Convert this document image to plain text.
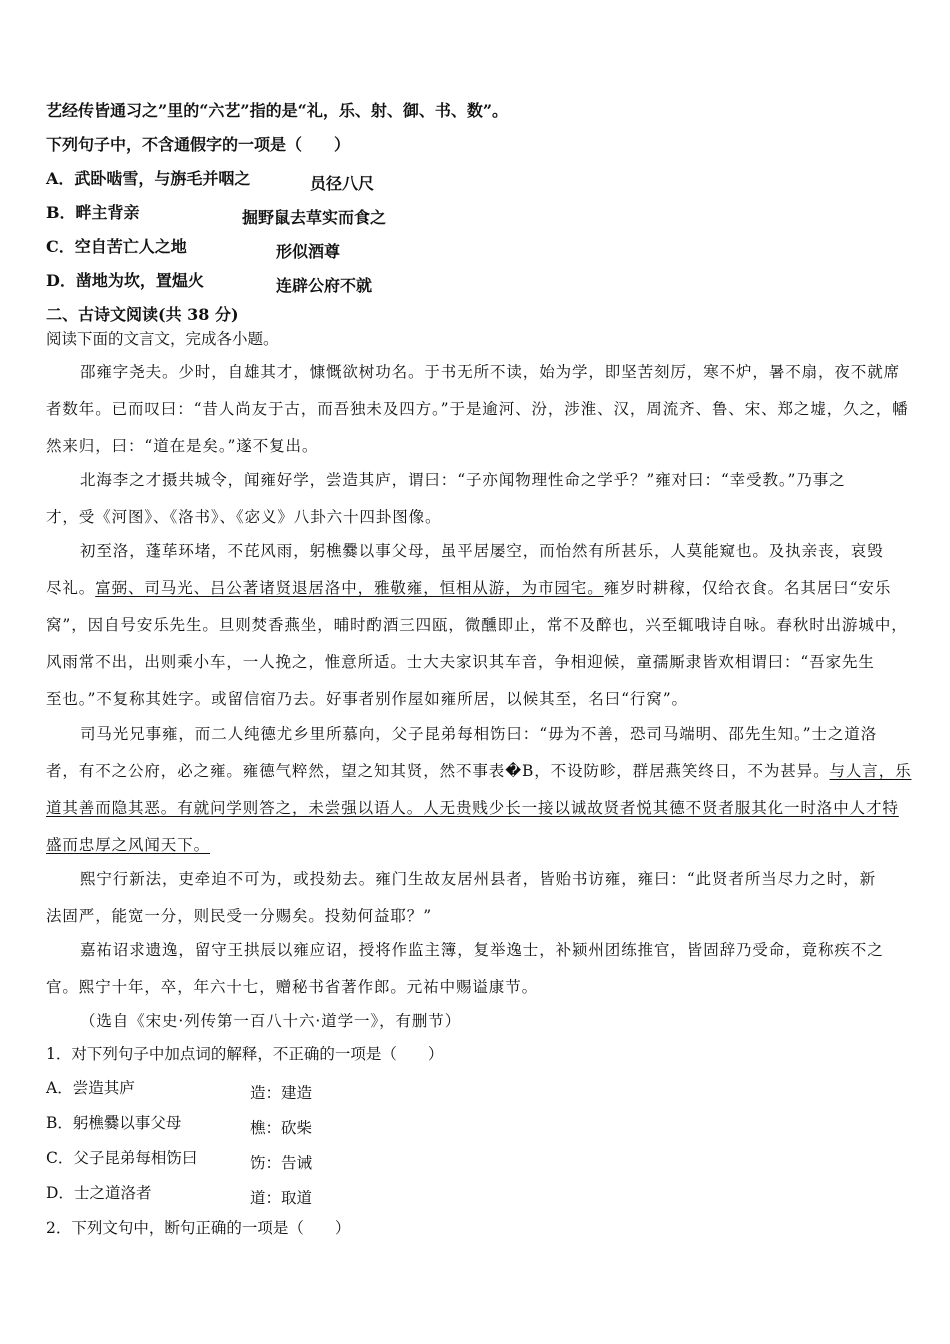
艺经传皆通习之”里的“六艺”指的是“礼，乐、射、御、书、数”。
下列句子中，不含通假字的一项是（　　）
A．武卧啮雪，与旃毛并咽之	员径八尺
B．畔主背亲	掘野鼠去草实而食之
C．空自苦亡人之地	形似酒尊
D．凿地为坎，置煴火	连辟公府不就
二、古诗文阅读(共 38 分)
阅读下面的文言文，完成各小题。
邵雍字尧夫。少时，自雄其才，慷慨欲树功名。于书无所不读，始为学，即坚苦刻厉，寒不炉，暑不扇，夜不就席
者数年。已而叹曰：“昔人尚友于古，而吾独未及四方。”于是逾河、汾，涉淮、汉，周流齐、鲁、宋、郑之墟，久之，幡
然来归，曰：“道在是矣。”遂不复出。
北海李之才摄共城令，闻雍好学，尝造其庐，谓曰：“子亦闻物理性命之学乎？”雍对曰：“幸受教。”乃事之
才，受《河图》、《洛书》、《宓义》八卦六十四卦图像。
初至洛，蓬荜环堵，不芘风雨，躬樵爨以事父母，虽平居屡空，而怡然有所甚乐，人莫能窥也。及执亲丧，哀毁
尽礼。富弼、司马光、吕公著诸贤退居洛中，雅敬雍，恒相从游，为市园宅。雍岁时耕稼，仅给衣食。名其居曰“安乐
窝”，因自号安乐先生。旦则焚香燕坐，晡时酌酒三四瓯，微醺即止，常不及醉也，兴至辄哦诗自咏。春秋时出游城中，
风雨常不出，出则乘小车，一人挽之，惟意所适。士大夫家识其车音，争相迎候，童孺厮隶皆欢相谓曰：“吾家先生
至也。”不复称其姓字。或留信宿乃去。好事者别作屋如雍所居，以候其至，名曰“行窝”。
司马光兄事雍，而二人纯德尤乡里所慕向，父子昆弟每相饬曰：“毋为不善，恐司马端明、邵先生知。”士之道洛
者，有不之公府，必之雍。雍德气粹然，望之知其贤，然不事表�B，不设防畛，群居燕笑终日，不为甚异。与人言，乐
道其善而隐其恶。有就问学则答之，未尝强以语人。人无贵贱少长一接以诚故贤者悦其德不贤者服其化一时洛中人才特
盛而忠厚之风闻天下。
熙宁行新法，吏牵迫不可为，或投劾去。雍门生故友居州县者，皆贻书访雍，雍曰：“此贤者所当尽力之时，新
法固严，能宽一分，则民受一分赐矣。投劾何益耶？”
嘉祐诏求遗逸，留守王拱辰以雍应诏，授将作监主簿，复举逸士，补颍州团练推官，皆固辞乃受命，竟称疾不之
官。熙宁十年，卒，年六十七，赠秘书省著作郎。元祐中赐谥康节。
（选自《宋史·列传第一百八十六·道学一》，有删节）
1．对下列句子中加点词的解释，不正确的一项是（　　）
A．尝造其庐	造：建造
B．躬樵爨以事父母	樵：砍柴
C．父子昆弟每相饬曰	饬：告诫
D．士之道洛者	道：取道
2．下列文句中，断句正确的一项是（　　）
